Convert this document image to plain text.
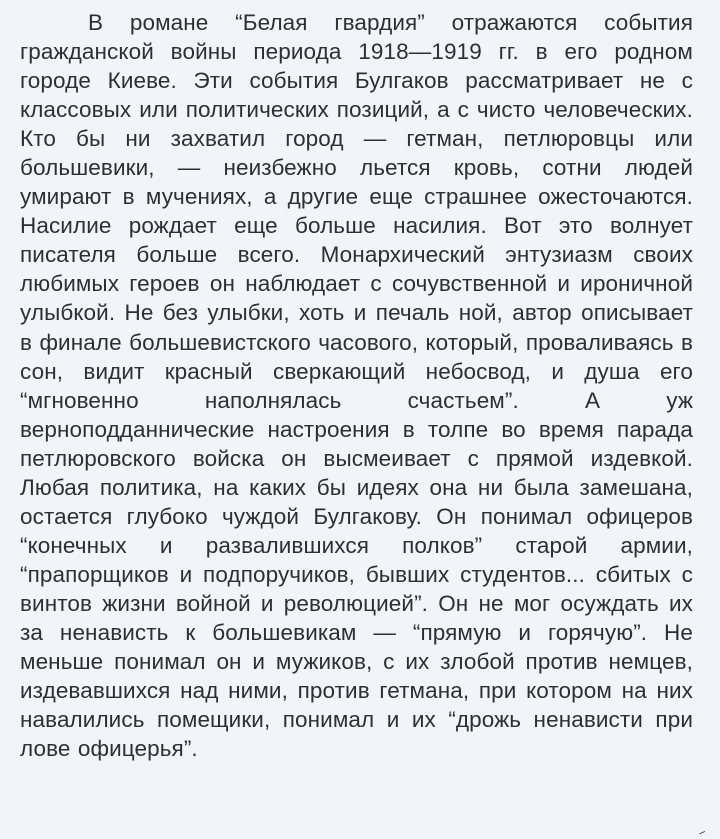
В романе “Белая гвардия” отражаются события гражданской войны периода 1918—1919 гг. в его родном городе Киеве. Эти события Булгаков рассматривает не с классовых или политических позиций, а с чисто человеческих. Кто бы ни захватил город — гетман, петлюровцы или большевики, — неизбежно льется кровь, сотни людей умирают в мучениях, а другие еще страшнее ожесточаются. Насилие рождает еще больше насилия. Вот это волнует писателя больше всего. Монархический энтузиазм своих любимых героев он наблюдает с сочувственной и ироничной улыбкой. Не без улыбки, хоть и печаль ной, автор описывает в финале большевистского часового, который, проваливаясь в сон, видит красный сверкающий небосвод, и душа его “мгновенно наполнялась счастьем”. А уж верноподданнические настроения в толпе во время парада петлюровского войска он высмеивает с прямой издевкой. Любая политика, на каких бы идеях она ни была замешана, остается глубоко чуждой Булгакову. Он понимал офицеров “конечных и развалившихся полков” старой армии, “прапорщиков и подпоручиков, бывших студентов... сбитых с винтов жизни войной и революцией”. Он не мог осуждать их за ненависть к большевикам — “прямую и горячую”. Не меньше понимал он и мужиков, с их злобой против немцев, издевавшихся над ними, против гетмана, при котором на них навалились помещики, понимал и их “дрожь ненависти при лове офицерья”.
